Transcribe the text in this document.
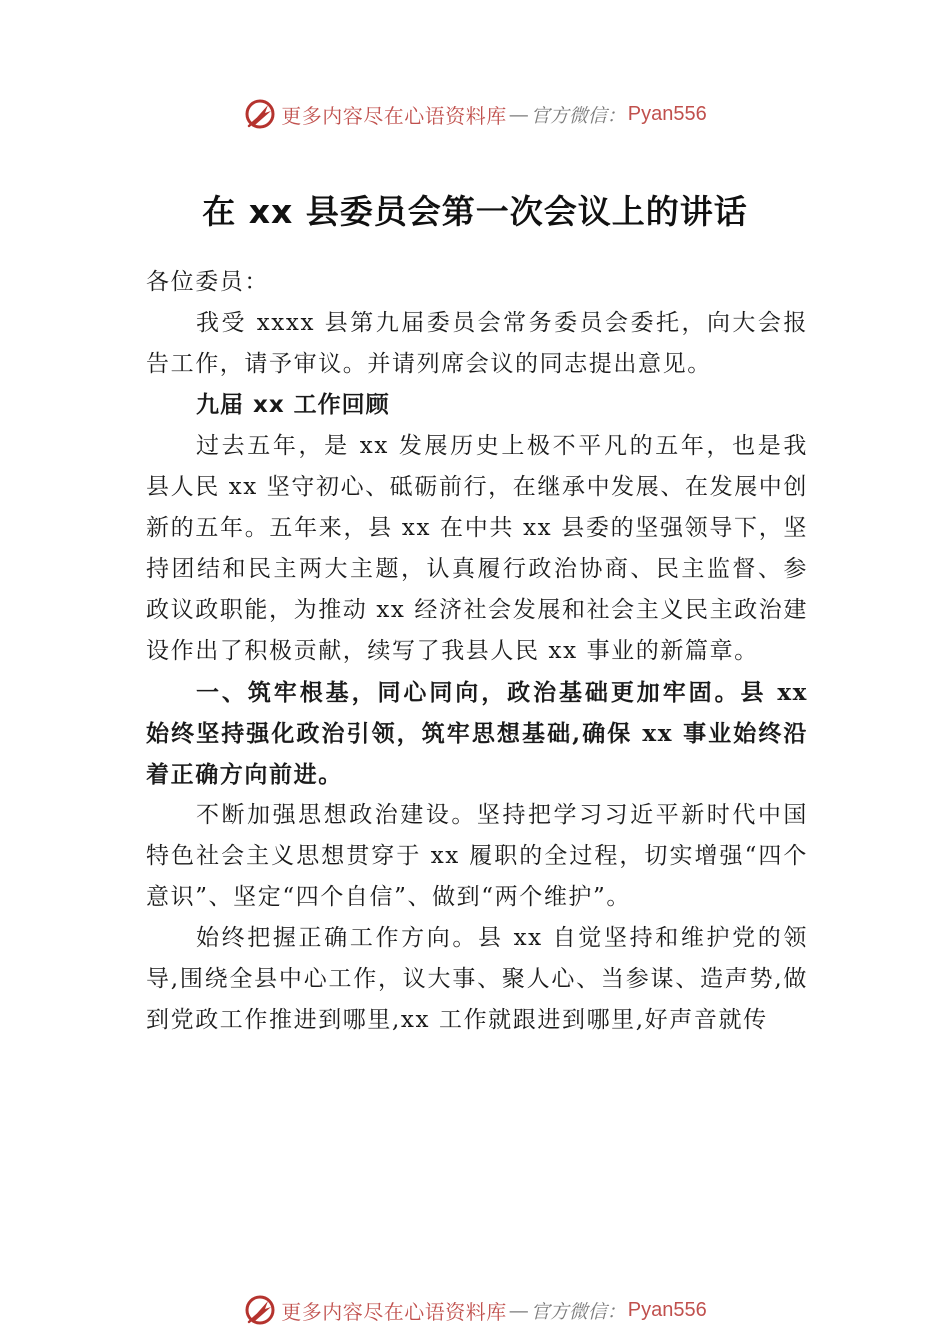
更多内容尽在心语资料库 — 官方微信： Pyan556
在 xx 县委员会第一次会议上的讲话

各位委员：

我受 xxxx 县第九届委员会常务委员会委托，向大会报告工作，请予审议。并请列席会议的同志提出意见。

九届 xx 工作回顾

过去五年，是 xx 发展历史上极不平凡的五年，也是我县人民 xx 坚守初心、砥砺前行，在继承中发展、在发展中创新的五年。五年来，县 xx 在中共 xx 县委的坚强领导下，坚持团结和民主两大主题，认真履行政治协商、民主监督、参政议政职能，为推动 xx 经济社会发展和社会主义民主政治建设作出了积极贡献，续写了我县人民 xx 事业的新篇章。

一、筑牢根基，同心同向，政治基础更加牢固。县 xx 始终坚持强化政治引领，筑牢思想基础,确保 xx 事业始终沿着正确方向前进。

不断加强思想政治建设。坚持把学习习近平新时代中国特色社会主义思想贯穿于 xx 履职的全过程，切实增强“四个意识”、坚定“四个自信”、做到“两个维护”。

始终把握正确工作方向。县 xx 自觉坚持和维护党的领导,围绕全县中心工作，议大事、聚人心、当参谋、造声势,做到党政工作推进到哪里,xx 工作就跟进到哪里,好声音就传

更多内容尽在心语资料库 — 官方微信： Pyan556
